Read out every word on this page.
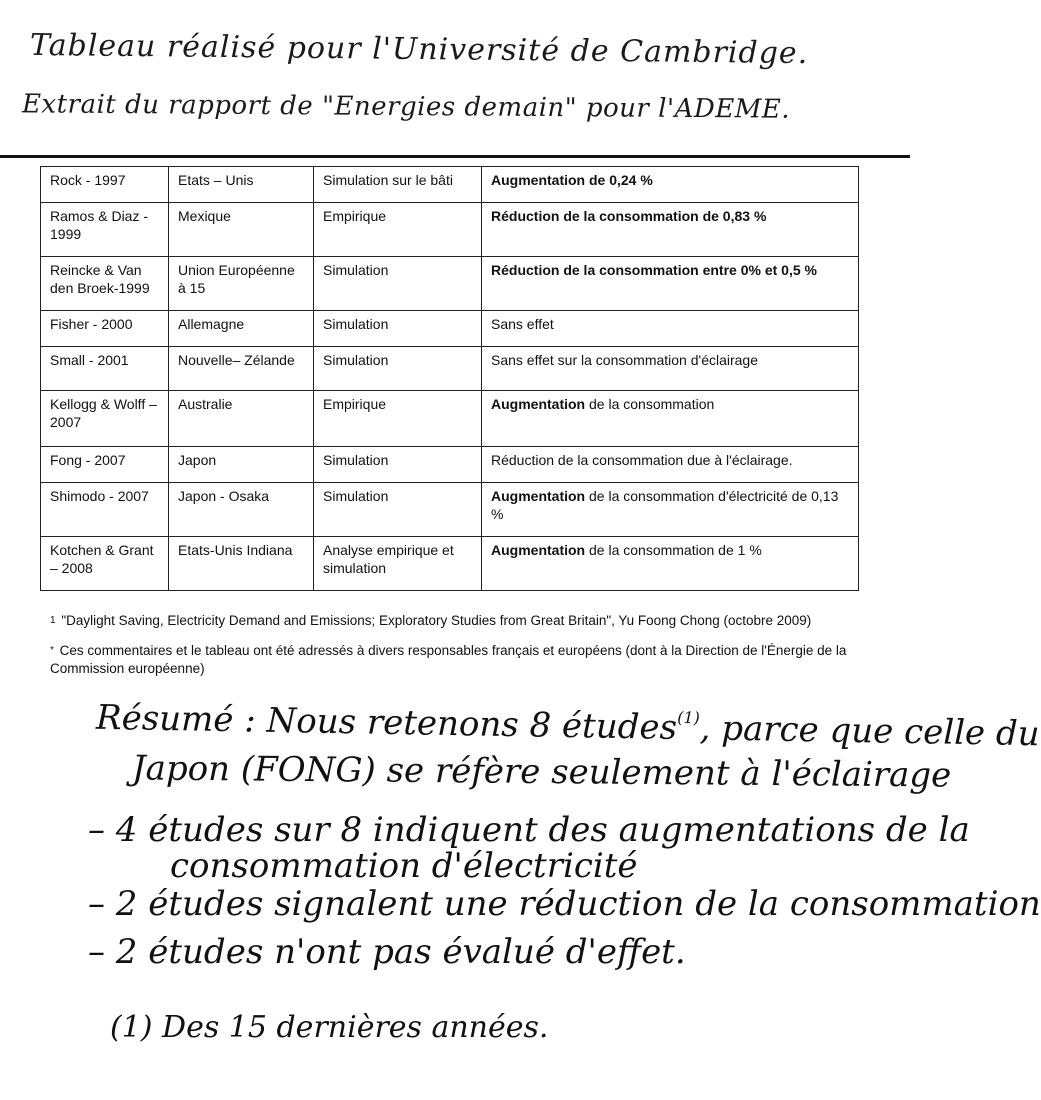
Tableau réalisé pour l'Université de Cambridge.
Extrait du rapport de "Energies demain" pour l'ADEME.
Rock - 1997	Etats – Unis	Simulation sur le bâti	Augmentation de 0,24 %
Ramos & Diaz - 1999	Mexique	Empirique	Réduction de la consommation de 0,83 %
Reincke & Van den Broek-1999	Union Européenne à 15	Simulation	Réduction de la consommation entre 0% et 0,5 %
Fisher - 2000	Allemagne	Simulation	Sans effet
Small - 2001	Nouvelle– Zélande	Simulation	Sans effet sur la consommation d'éclairage
Kellogg & Wolff – 2007	Australie	Empirique	Augmentation de la consommation
Fong - 2007	Japon	Simulation	Réduction de la consommation due à l'éclairage.
Shimodo - 2007	Japon - Osaka	Simulation	Augmentation de la consommation d'électricité de 0,13 %
Kotchen & Grant – 2008	Etats-Unis Indiana	Analyse empirique et simulation	Augmentation de la consommation de 1 %
$^1$ "Daylight Saving, Electricity Demand and Emissions; Exploratory Studies from Great Britain", Yu Foong Chong (octobre 2009)
* Ces commentaires et le tableau ont été adressés à divers responsables français et européens (dont à la Direction de l'Énergie de la Commission européenne)
Résumé : Nous retenons 8 études$^{(1)}$, parce que celle du
Japon (FONG) se réfère seulement à l'éclairage
– 4 études sur 8 indiquent des augmentations de la
consommation d'électricité
– 2 études signalent une réduction de la consommation
– 2 études n'ont pas évalué d'effet.
(1) Des 15 dernières années.
